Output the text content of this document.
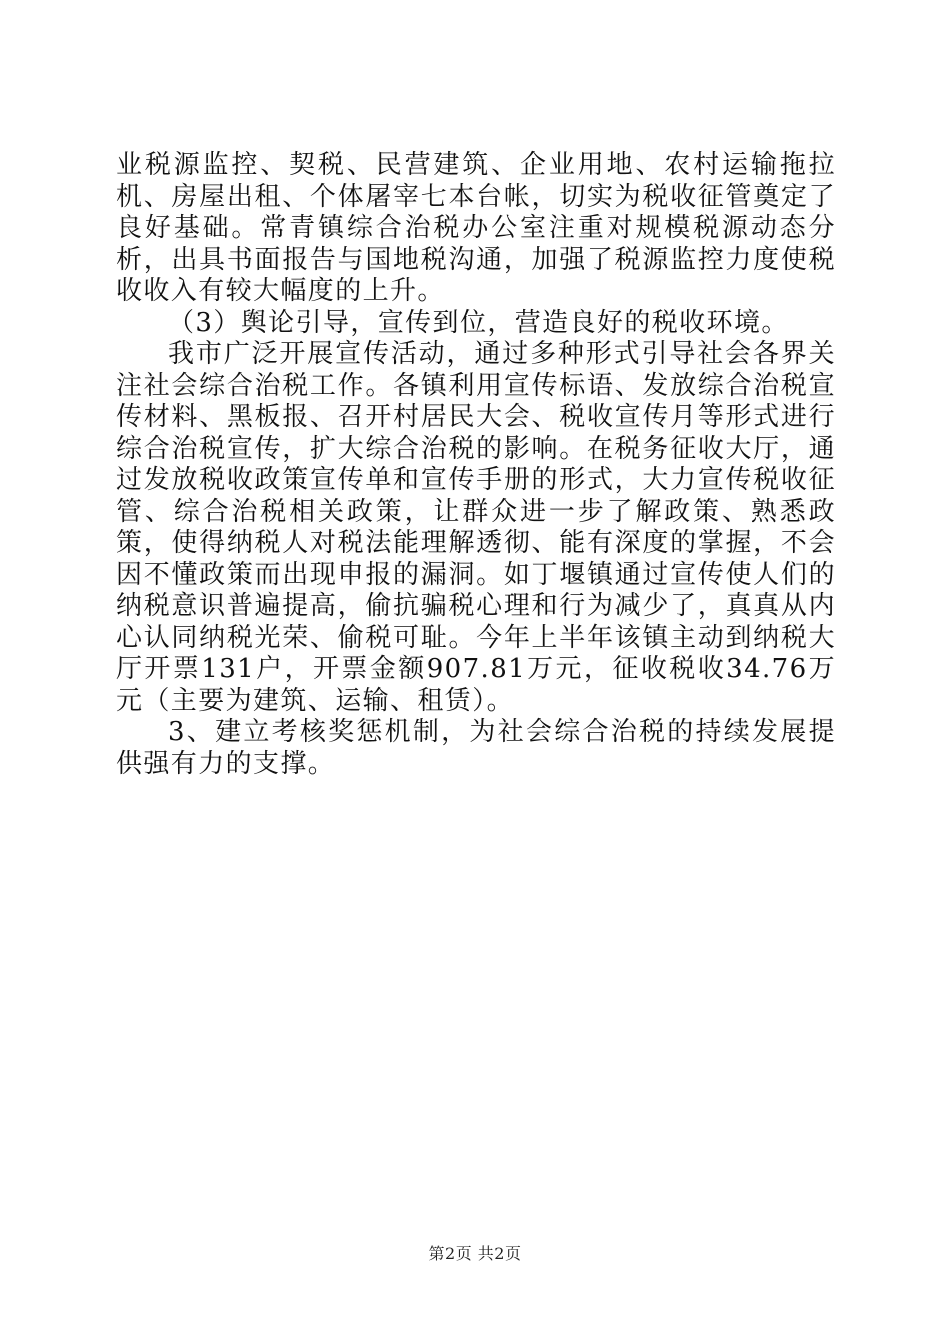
业税源监控、契税、民营建筑、企业用地、农村运输拖拉机、房屋出租、个体屠宰七本台帐，切实为税收征管奠定了良好基础。常青镇综合治税办公室注重对规模税源动态分析，出具书面报告与国地税沟通，加强了税源监控力度使税收收入有较大幅度的上升。

（3）舆论引导，宣传到位，营造良好的税收环境。

我市广泛开展宣传活动，通过多种形式引导社会各界关注社会综合治税工作。各镇利用宣传标语、发放综合治税宣传材料、黑板报、召开村居民大会、税收宣传月等形式进行综合治税宣传，扩大综合治税的影响。在税务征收大厅，通过发放税收政策宣传单和宣传手册的形式，大力宣传税收征管、综合治税相关政策，让群众进一步了解政策、熟悉政策，使得纳税人对税法能理解透彻、能有深度的掌握，不会因不懂政策而出现申报的漏洞。如丁堰镇通过宣传使人们的纳税意识普遍提高，偷抗骗税心理和行为减少了，真真从内心认同纳税光荣、偷税可耻。今年上半年该镇主动到纳税大厅开票131户，开票金额907.81万元，征收税收34.76万元（主要为建筑、运输、租赁）。

3、建立考核奖惩机制，为社会综合治税的持续发展提供强有力的支撑。

第2页 共2页
